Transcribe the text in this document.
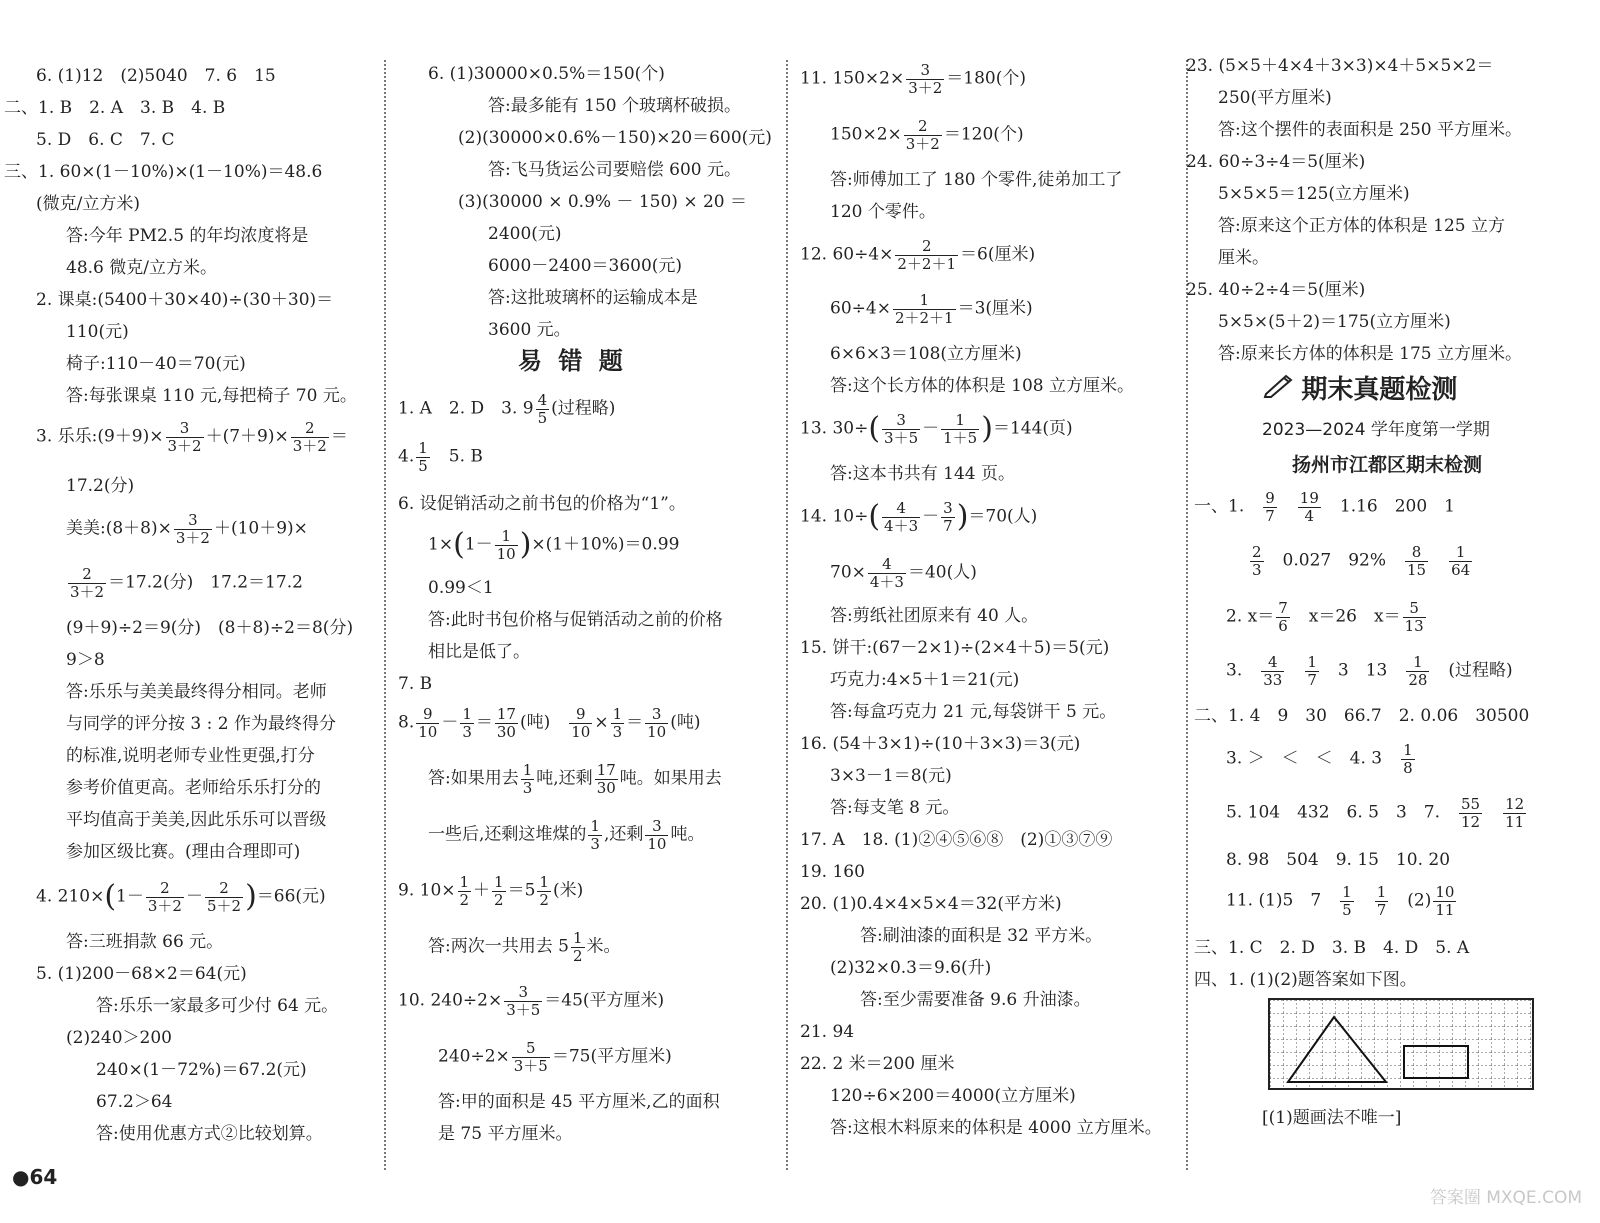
6. (1)12　(2)5040　7. 6　15
二、1. B　2. A　3. B　4. B
5. D　6. C　7. C
三、1. 60×(1－10%)×(1－10%)＝48.6
(微克/立方米)
答:今年 PM2.5 的年均浓度将是
48.6 微克/立方米。
2. 课桌:(5400＋30×40)÷(30＋30)＝
110(元)
椅子:110－40＝70(元)
答:每张课桌 110 元,每把椅子 70 元。
3. 乐乐:(9＋9)× $\frac{3}{3+2} +(7+9)\times \frac{2}{3+2}$ ＝
17.2(分)
美美:(8＋8)× $\frac{3}{3+2} +(10+9)\times$
$\frac{2}{3+2} =17.2$(分)　17.2＝17.2
(9＋9)÷2＝9(分)　(8＋8)÷2＝8(分)
9＞8
答:乐乐与美美最终得分相同。老师
与同学的评分按 3 : 2 作为最终得分
的标准,说明老师专业性更强,打分
参考价值更高。老师给乐乐打分的
平均值高于美美,因此乐乐可以晋级
参加区级比赛。(理由合理即可)
4. $210\times(1- \frac{2}{3+2} - \frac{2}{5+2} )=66$(元)
答:三班捐款 66 元。
5. (1)200－68×2＝64(元)
答:乐乐一家最多可少付 64 元。
(2)240＞200
240×(1－72%)＝67.2(元)
67.2＞64
答:使用优惠方式②比较划算。
6. (1)30000×0.5%＝150(个)
答:最多能有 150 个玻璃杯破损。
(2)(30000×0.6%－150)×20＝600(元)
答:飞马货运公司要赔偿 600 元。
(3)(30000 × 0.9% － 150) × 20 ＝
2400(元)
6000－2400＝3600(元)
答:这批玻璃杯的运输成本是
3600 元。
易 错 题
1. A　2. D　3. $9 \frac{4}{5}$ (过程略)
4. $\frac{1}{5}$
　 5. B
6. 设促销活动之前书包的价格为“1”。
$1\times(1- \frac{1}{10} )\times(1+10\%)=0.99$
0.99＜1
答:此时书包价格与促销活动之前的价格
相比是低了。
7. B
8. $\frac{9}{10} - \frac{1}{3} = \frac{17}{30}$ (吨)　 $\frac{9}{10} \times \frac{1}{3} = \frac{3}{10}$ (吨)
答:如果用去 $\frac{1}{3}$ 吨,还剩 $\frac{17}{30}$ 吨。如果用去
一些后,还剩这堆煤的 $\frac{1}{3}$ ,还剩 $\frac{3}{10}$ 吨。
9. $10\times \frac{1}{2} + \frac{1}{2} =5 \frac{1}{2}$ (米)
答:两次一共用去 $5 \frac{1}{2}$ 米。
10. $240\div 2\times \frac{3}{3+5} =45$(平方厘米)
$240\div 2\times \frac{5}{3+5} =75$(平方厘米)
答:甲的面积是 45 平方厘米,乙的面积
是 75 平方厘米。
11. $150\times 2\times \frac{3}{3+2} =180$(个)
$150\times 2\times \frac{2}{3+2} =120$(个)
答:师傅加工了 180 个零件,徒弟加工了
120 个零件。
12. $60\div 4\times \frac{2}{2+2+1} =6$(厘米)
$60\div 4\times \frac{1}{2+2+1} =3$(厘米)
6×6×3＝108(立方厘米)
答:这个长方体的体积是 108 立方厘米。
13. $30\div( \frac{3}{3+5} - \frac{1}{1+5} )=144$(页)
答:这本书共有 144 页。
14. $10\div( \frac{4}{4+3} - \frac{3}{7} )=70$(人)
$70\times \frac{4}{4+3} =40$(人)
答:剪纸社团原来有 40 人。
15. 饼干:(67－2×1)÷(2×4＋5)＝5(元)
巧克力:4×5＋1＝21(元)
答:每盒巧克力 21 元,每袋饼干 5 元。
16. (54＋3×1)÷(10＋3×3)＝3(元)
3×3－1＝8(元)
答:每支笔 8 元。
17. A　18. (1)②④⑤⑥⑧　(2)①③⑦⑨
19. 160
20. (1)0.4×4×5×4＝32(平方米)
答:刷油漆的面积是 32 平方米。
(2)32×0.3＝9.6(升)
答:至少需要准备 9.6 升油漆。
21. 94
22. 2 米＝200 厘米
120÷6×200＝4000(立方厘米)
答:这根木料原来的体积是 4000 立方厘米。
23. (5×5＋4×4＋3×3)×4＋5×5×2＝
250(平方厘米)
答:这个摆件的表面积是 250 平方厘米。
24. 60÷3÷4＝5(厘米)
5×5×5＝125(立方厘米)
答:原来这个正方体的体积是 125 立方
厘米。
25. 40÷2÷4＝5(厘米)
5×5×(5＋2)＝175(立方厘米)
答:原来长方体的体积是 175 立方厘米。
期末真题检测
2023—2024 学年度第一学期
扬州市江都区期末检测
一、1.　 $\frac{9}{7}$
　 $\frac{19}{4}$
　 1.16　200　1
$\frac{2}{3}$
　 0.027　92%　 $\frac{8}{15}$
　 $\frac{1}{64}$
2. $x= \frac{7}{6}$
　 x＝26　$x= \frac{5}{13}$
3.　 $\frac{4}{33}$
　 $\frac{1}{7}$
　 3　13　 $\frac{1}{28}$
　 (过程略)
二、1. 4　9　30　66.7　2. 0.06　30500
3. ＞　＜　＜　4. 3　 $\frac{1}{8}$
5. 104　432　6. 5　3　7.　 $\frac{55}{12}$
　 $\frac{12}{11}$
8. 98　504　9. 15　10. 20
11. (1)5　7　 $\frac{1}{5}$
　 $\frac{1}{7}$
　 $(2) \frac{10}{11}$
三、1. C　2. D　3. B　4. D　5. A
四、1. (1)(2)题答案如下图。
[(1)题画法不唯一]
●64
答案圈 MXQE.COM
